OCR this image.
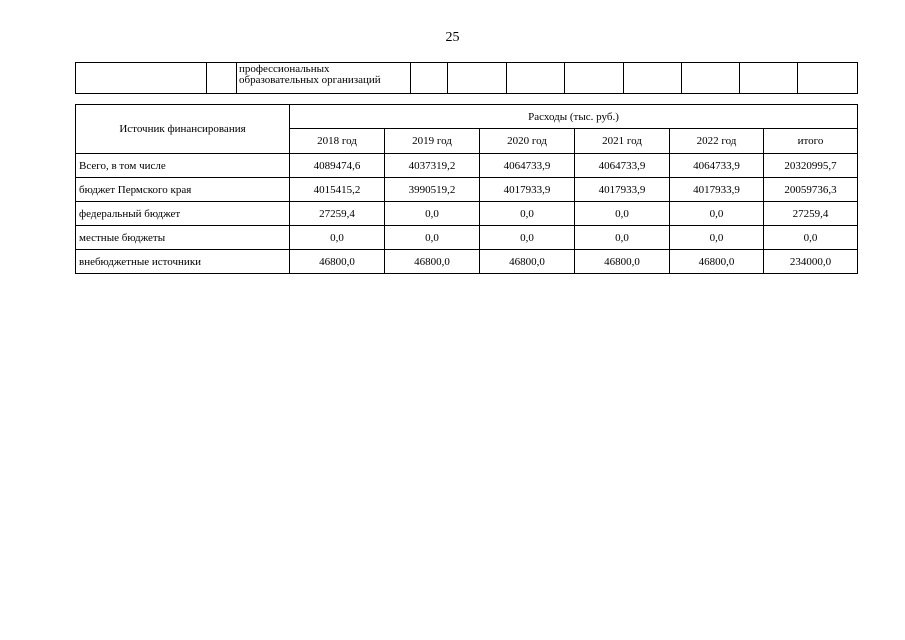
25

профессиональных
образовательных организаций

Источник финансирования	Расходы (тыс. руб.)					
	2018 год	2019 год	2020 год	2021 год	2022 год	итого
Всего, в том числе	4089474,6	4037319,2	4064733,9	4064733,9	4064733,9	20320995,7
бюджет Пермского края	4015415,2	3990519,2	4017933,9	4017933,9	4017933,9	20059736,3
федеральный бюджет	27259,4	0,0	0,0	0,0	0,0	27259,4
местные бюджеты	0,0	0,0	0,0	0,0	0,0	0,0
внебюджетные источники	46800,0	46800,0	46800,0	46800,0	46800,0	234000,0
